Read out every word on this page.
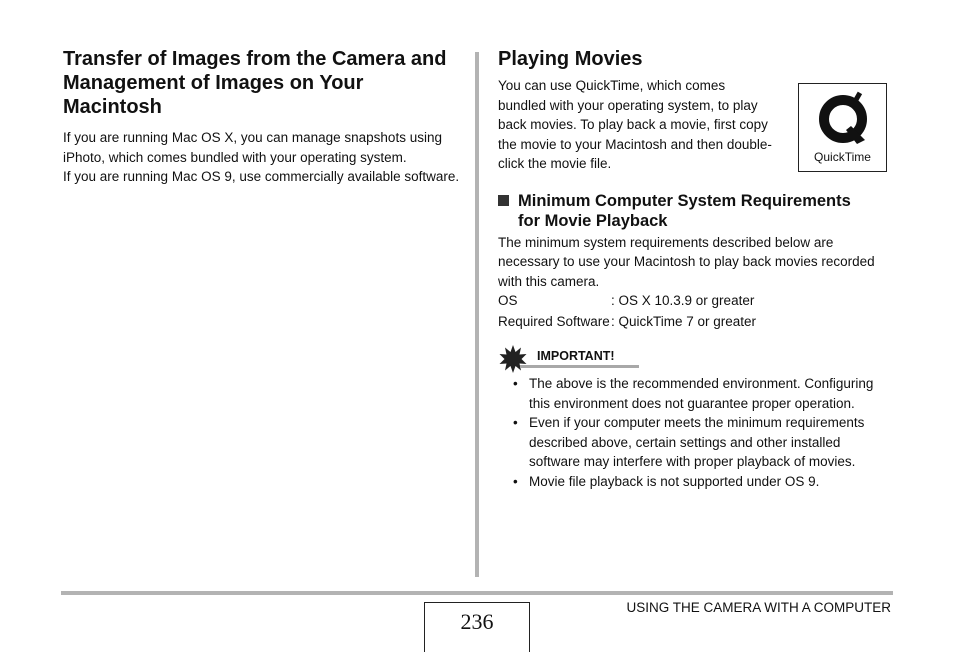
Transfer of Images from the Camera and
Management of Images on Your
Macintosh

If you are running Mac OS X, you can manage snapshots using iPhoto, which comes bundled with your operating system.

If you are running Mac OS 9, use commercially available software.

Playing Movies

You can use QuickTime, which comes
bundled with your operating system, to play
back movies. To play back a movie, first copy
the movie to your Macintosh and then double-
click the movie file.	QuickTime
Minimum Computer System Requirements
for Movie Playback

The minimum system requirements described below are necessary to use your Macintosh to play back movies recorded with this camera.

OS	: OS X 10.3.9 or greater
Required Software : QuickTime 7 or greater
IMPORTANT!
• The above is the recommended environment. Configuring
this environment does not guarantee proper operation.
• Even if your computer meets the minimum requirements
described above, certain settings and other installed
software may interfere with proper playback of movies.
• Movie file playback is not supported under OS 9.
236
USING THE CAMERA WITH A COMPUTER
